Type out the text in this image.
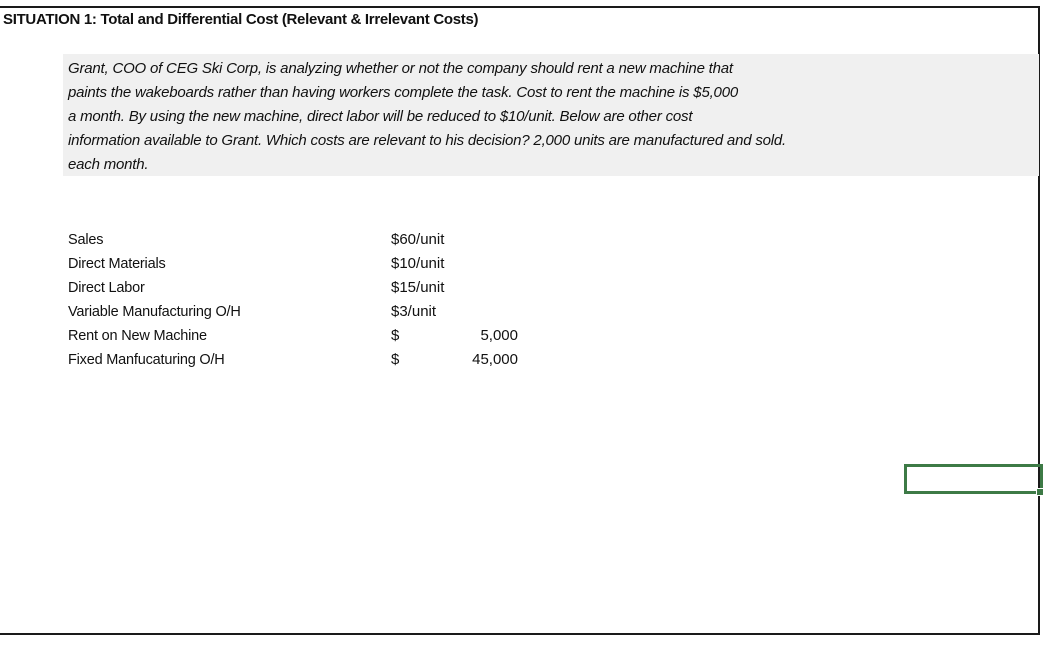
SITUATION 1: Total and Differential Cost (Relevant & Irrelevant Costs)
Grant, COO of CEG Ski Corp, is analyzing whether or not the company should rent a new machine that
paints the wakeboards rather than having workers complete the task. Cost to rent the machine is $5,000
a month. By using the new machine, direct labor will be reduced to $10/unit. Below are other cost
information available to Grant. Which costs are relevant to his decision? 2,000 units are manufactured and sold.
each month.
Sales	$60/unit
Direct Materials	$10/unit
Direct Labor	$15/unit
Variable Manufacturing O/H	$3/unit
Rent on New Machine	$	5,000
Fixed Manfucaturing O/H	$	45,000
